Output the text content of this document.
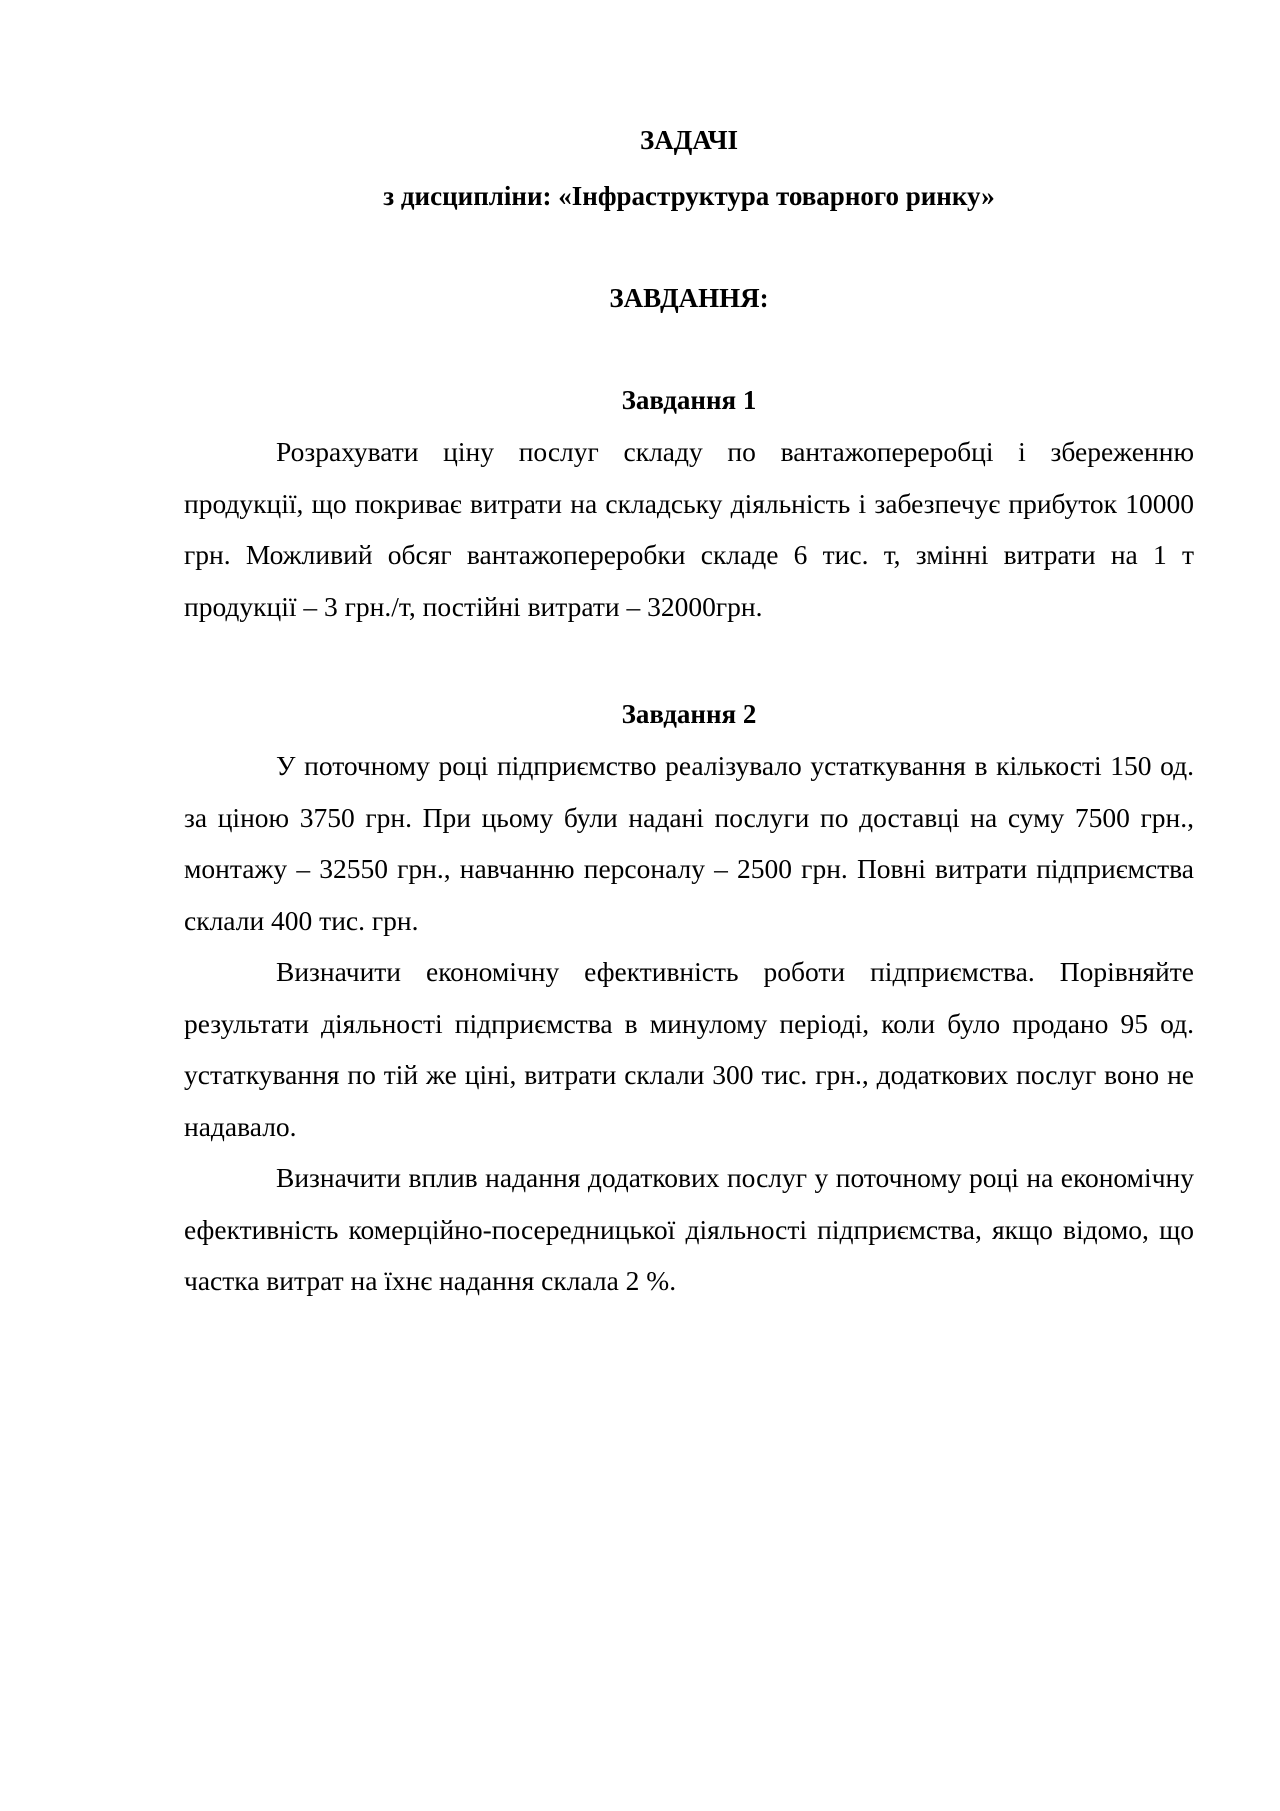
ЗАДАЧІ
з дисципліни: «Інфраструктура товарного ринку»
ЗАВДАННЯ:
Завдання 1

Розрахувати ціну послуг складу по вантажопереробці і збереженню продукції, що покриває витрати на складську діяльність і забезпечує прибуток 10000 грн. Можливий обсяг вантажопереробки складе 6 тис. т, змінні витрати на 1 т продукції – 3 грн./т, постійні витрати – 32000грн.

Завдання 2

У поточному році підприємство реалізувало устаткування в кількості 150 од. за ціною 3750 грн. При цьому були надані послуги по доставці на суму 7500 грн., монтажу – 32550 грн., навчанню персоналу – 2500 грн. Повні витрати підприємства склали 400 тис. грн.

Визначити економічну ефективність роботи підприємства. Порівняйте результати діяльності підприємства в минулому періоді, коли було продано 95 од. устаткування по тій же ціні, витрати склали 300 тис. грн., додаткових послуг воно не надавало.

Визначити вплив надання додаткових послуг у поточному році на економічну ефективність комерційно-посередницької діяльності підприємства, якщо відомо, що частка витрат на їхнє надання склала 2 %.
